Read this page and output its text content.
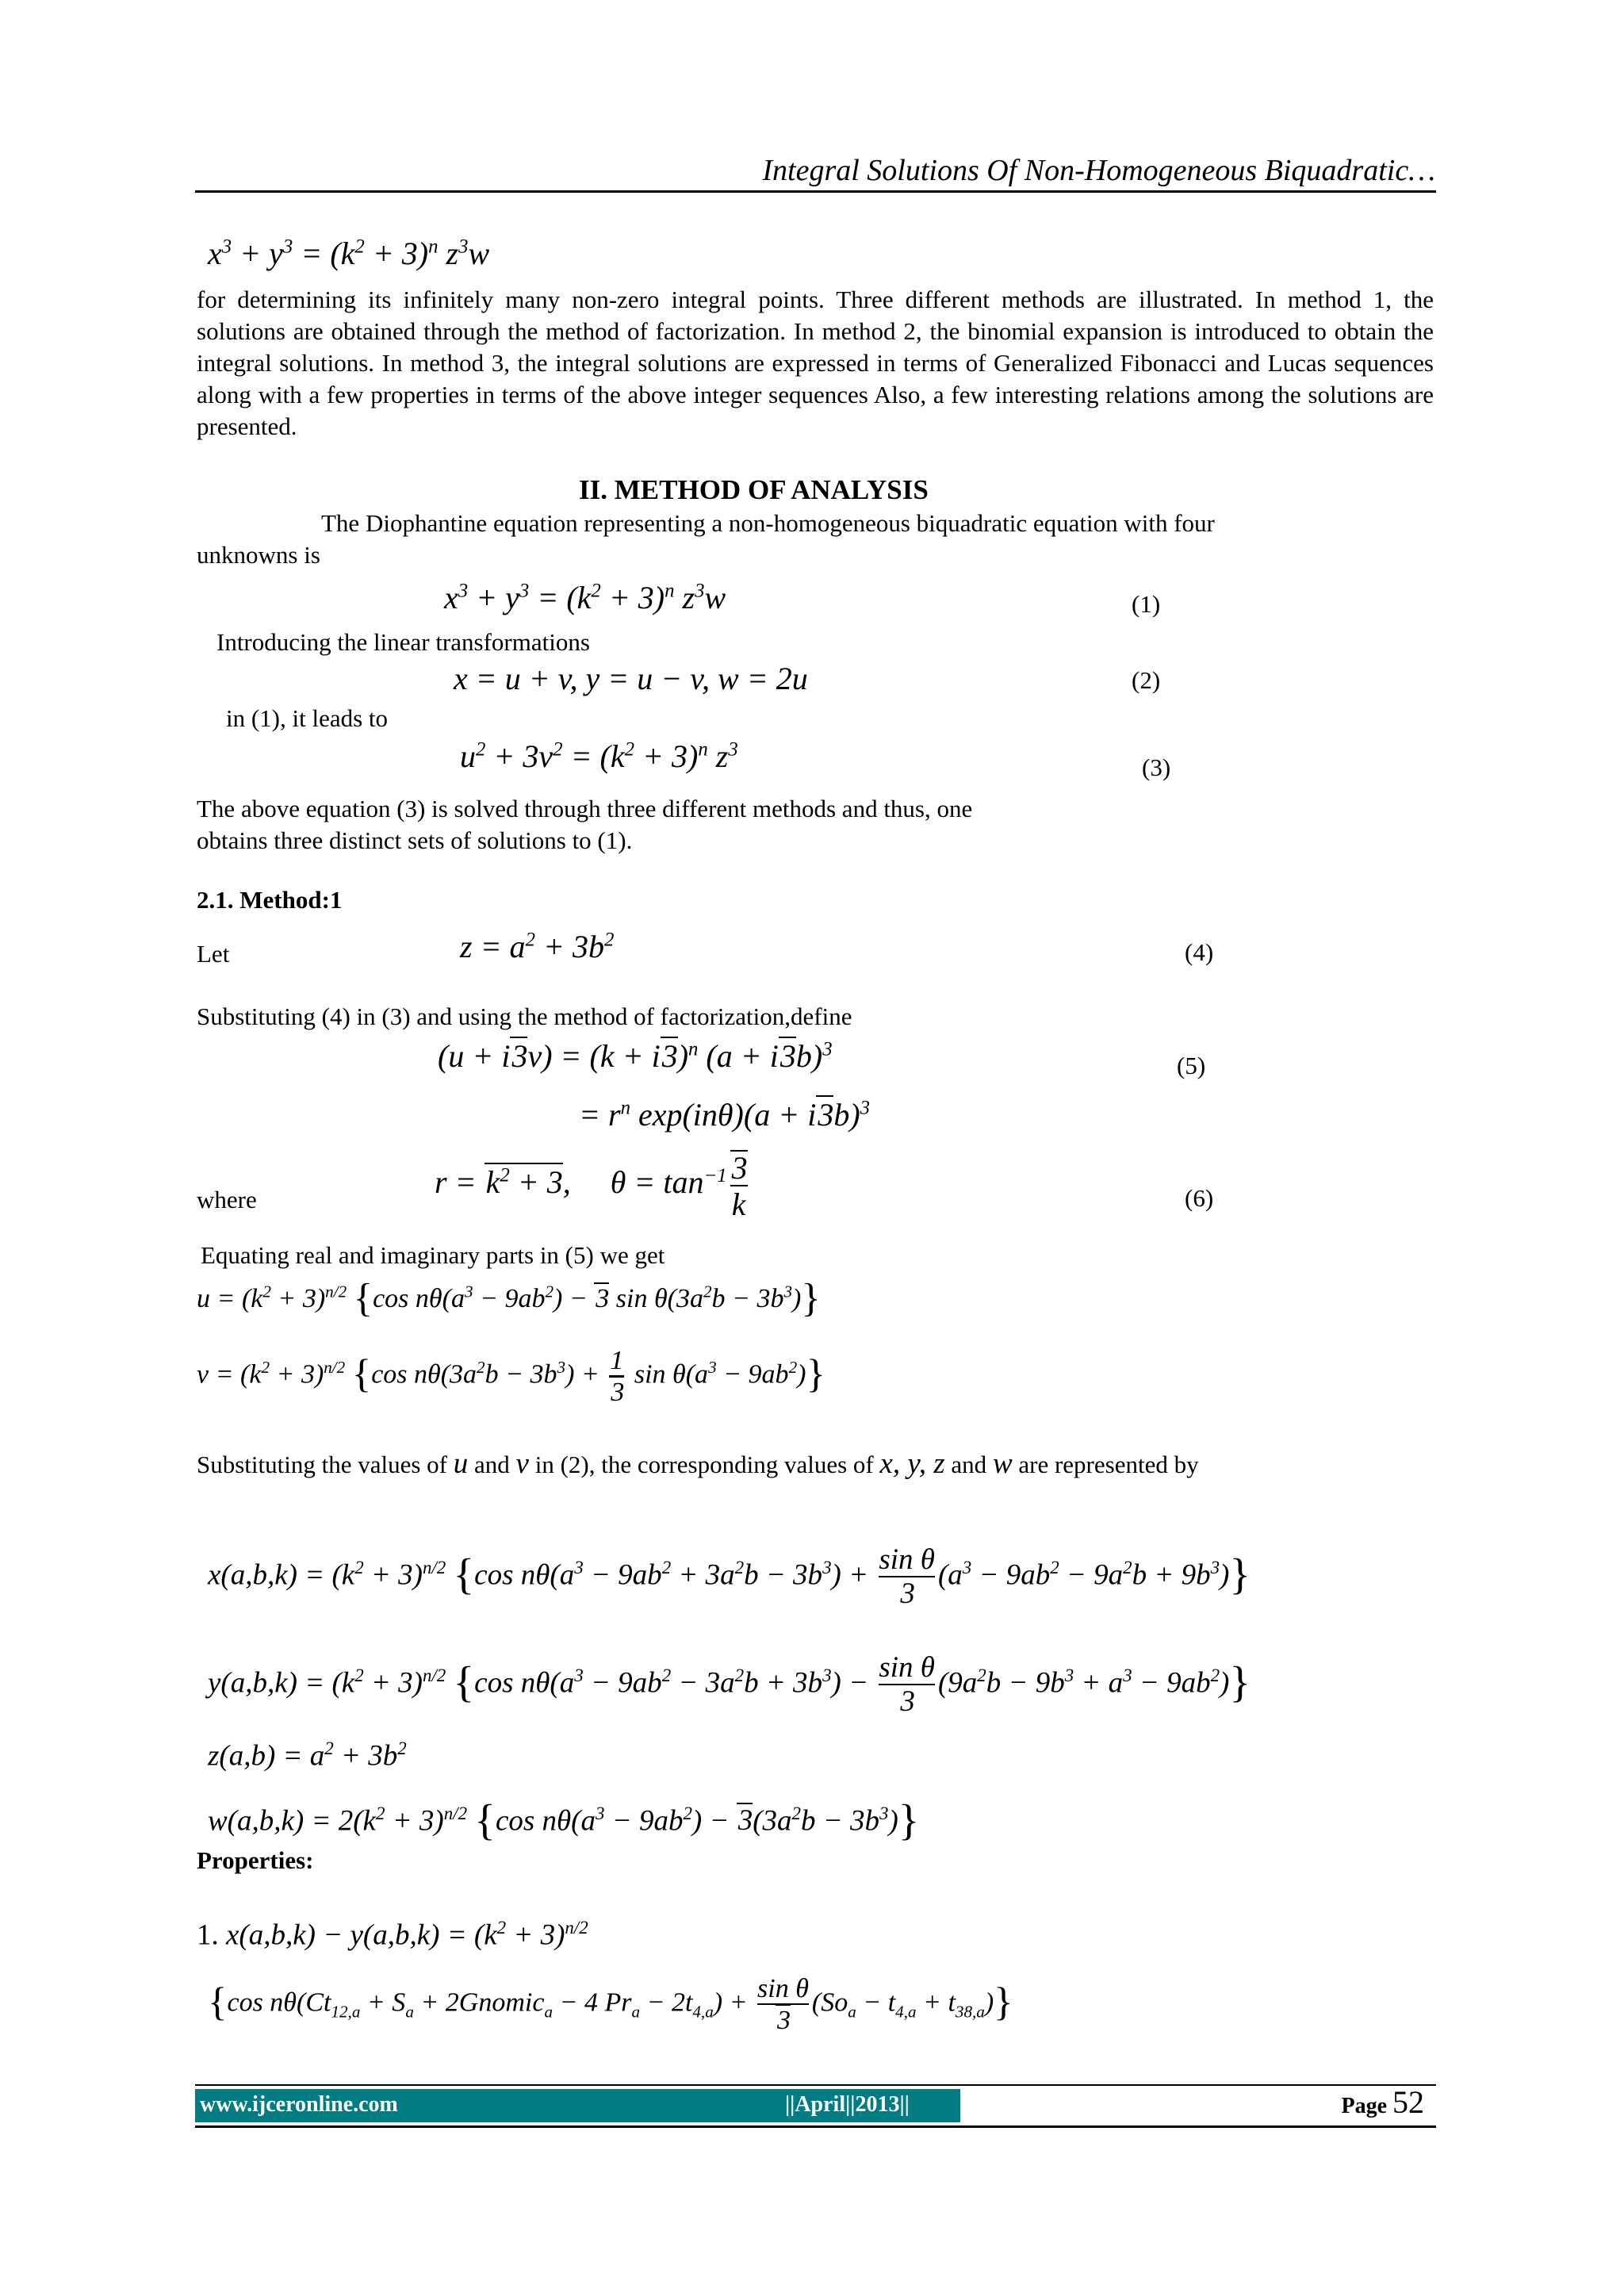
Integral Solutions Of Non-Homogeneous Biquadratic…
$x^3 + y^3 = (k^2 + 3)^n$ $z^3w$
for determining its infinitely many non-zero integral points. Three different methods are illustrated. In method 1, the solutions are obtained through the method of factorization. In method 2, the binomial expansion is introduced to obtain the integral solutions. In method 3, the integral solutions are expressed in terms of Generalized Fibonacci and Lucas sequences along with a few properties in terms of the above integer sequences Also, a few interesting relations among the solutions are presented.
II. METHOD OF ANALYSIS
The Diophantine equation representing a non-homogeneous biquadratic equation with four
unknowns is
$x^3 + y^3 = (k^2 + 3)^n$ $z^3w$	(1)
Introducing the linear transformations
x = u + v, y = u − v, w = 2u	(2)
in (1), it leads to
$u^2 + 3v^2 = (k^2 + 3)^n$ $z^3$
(3)
The above equation (3) is solved through three different methods and thus, one
obtains three distinct sets of solutions to (1).
2.1. Method:1
Let	$z = a^2 + 3b^2$	(4)
Substituting (4) in (3) and using the method of factorization,define
$(u + i3v) = (k + i3)^n$ $(a + i3b)^3$
(5)
= $r^n$ $\exp(in\theta)(a + i3b)^3$
where	$r = k^2 + 3$,     $\theta = \tan^{-1} \frac{3}{k}$	(6)
Equating real and imaginary parts in (5) we get
$u = (k^2 + 3)^{n/2}$ {cos $n\theta(a^3 - 9ab^2) - 3$ $\sin \theta(3a^2b - 3b^3)$}
$v = (k^2 + 3)^{n/2}$ {cos $n\theta(3a^2b - 3b^3) + \frac{1}{3}$ $\sin \theta(a^3 - 9ab^2)$}
Substituting the values of u and v in (2), the corresponding values of x, y, z and w are represented by
$x(a,b,k) = (k^2 + 3)^{n/2}$ {cos $n\theta(a^3 - 9ab^2 + 3a^2b - 3b^3) + \frac{\text{sin θ}}{3} (a^3 - 9ab^2 - 9a^2b + 9b^3)$}
$y(a,b,k) = (k^2 + 3)^{n/2}$ {cos $n\theta(a^3 - 9ab^2 - 3a^2b + 3b^3) - \frac{\text{sin θ}}{3} (9a^2b - 9b^3 + a^3 - 9ab^2)$}
$z(a,b) = a^2 + 3b^2$
$w(a,b,k) = 2(k^2 + 3)^{n/2}$ {cos $n\theta(a^3 - 9ab^2) - 3(3a^2b - 3b^3)$}
Properties:
1. $x(a,b,k) - y(a,b,k) = (k^2 + 3)^{n/2}$
{cos $n\theta(Ct_{12,a} + S_a$ + 2Gnomic$_a$ − 4 $Pr_a - 2t_{4,a}) + \frac{\text{sin θ}}{3} (So_a - t_{4,a} + t_{38,a})$}
www.ijceronline.com	||April||2013||	Page 52
